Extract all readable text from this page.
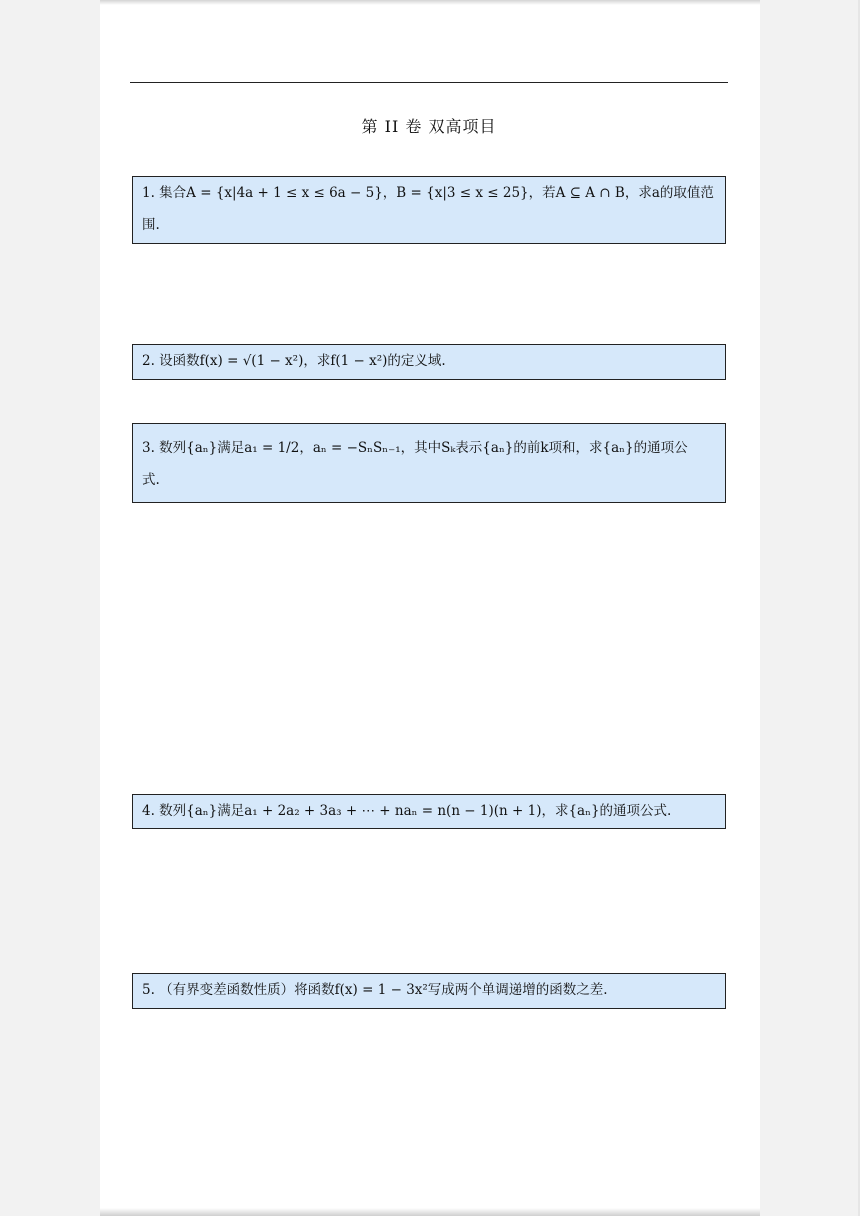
第 II 卷 双高项目
1. 集合A = {x|4a + 1 ≤ x ≤ 6a − 5}，B = {x|3 ≤ x ≤ 25}，若A ⊆ A ∩ B，求a的取值范
围.
2. 设函数f(x) = √(1 − x²)，求f(1 − x²)的定义域.
3. 数列{aₙ}满足a₁ = 1/2，aₙ = −SₙSₙ₋₁，其中Sₖ表示{aₙ}的前k项和，求{aₙ}的通项公
式.
4. 数列{aₙ}满足a₁ + 2a₂ + 3a₃ + ⋯ + naₙ = n(n − 1)(n + 1)，求{aₙ}的通项公式.
5. （有界变差函数性质）将函数f(x) = 1 − 3x²写成两个单调递增的函数之差.
